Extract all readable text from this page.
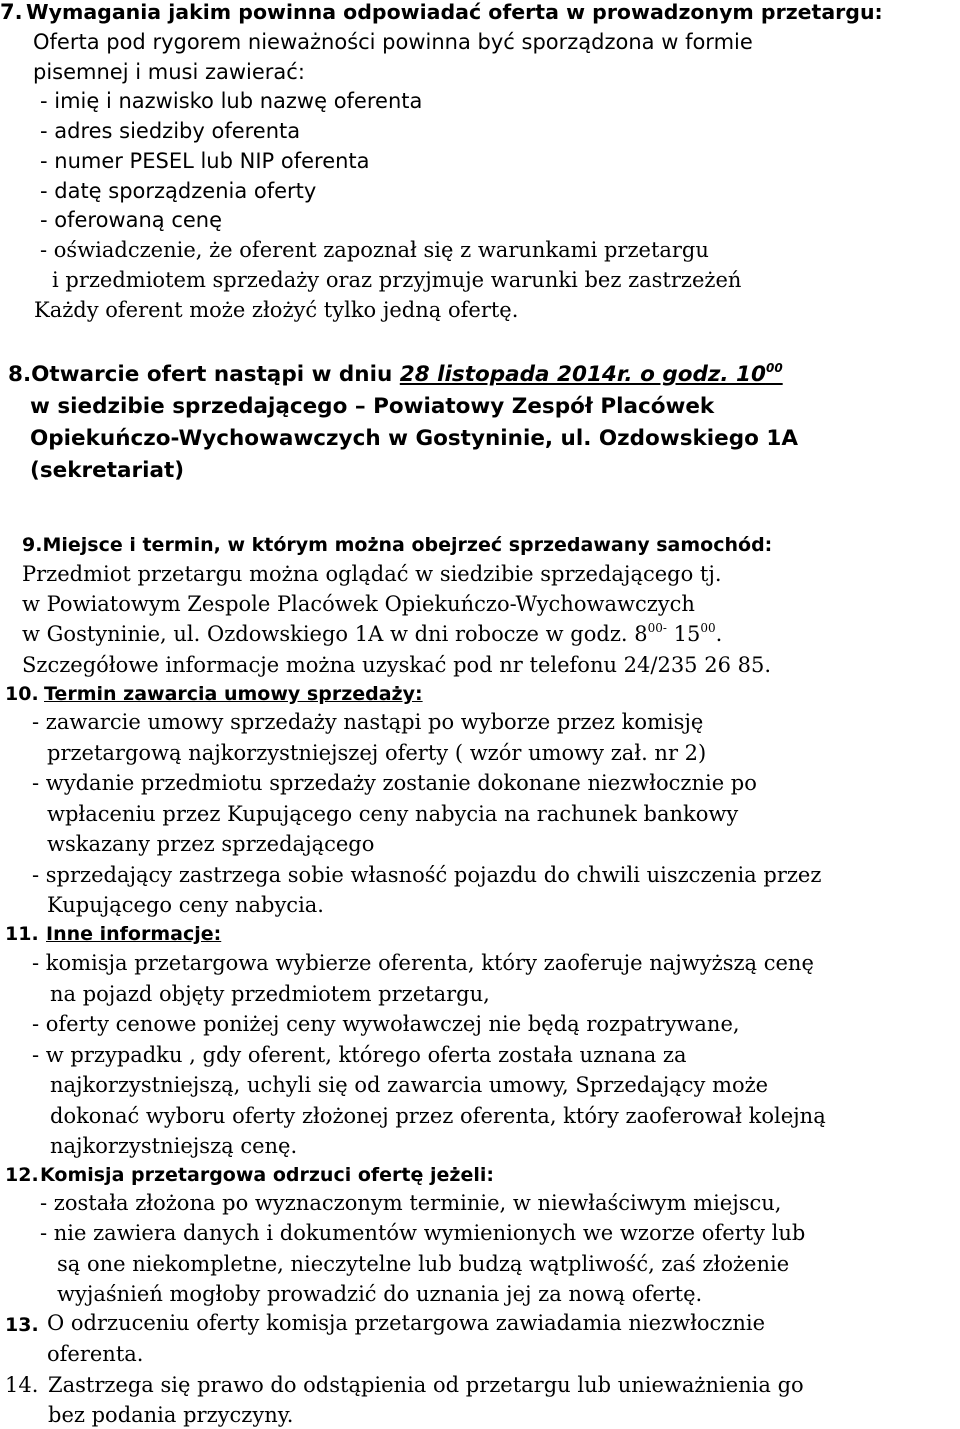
7. Wymagania jakim powinna odpowiadać oferta w prowadzonym przetargu:
Oferta pod rygorem nieważności powinna być sporządzona w formie
pisemnej i musi zawierać:
- imię i nazwisko lub nazwę oferenta
- adres siedziby oferenta
- numer PESEL lub NIP oferenta
- datę sporządzenia oferty
- oferowaną cenę
- oświadczenie, że oferent zapoznał się z warunkami przetargu
i przedmiotem sprzedaży oraz przyjmuje warunki bez zastrzeżeń
Każdy oferent może złożyć tylko jedną ofertę.
8.Otwarcie ofert nastąpi w dniu 28 listopada 2014r. o godz. $10^{00}$
w siedzibie sprzedającego – Powiatowy Zespół Placówek
Opiekuńczo-Wychowawczych w Gostyninie, ul. Ozdowskiego 1A
(sekretariat)
9.Miejsce i termin, w którym można obejrzeć sprzedawany samochód:
Przedmiot przetargu można oglądać w siedzibie sprzedającego tj.
w Powiatowym Zespole Placówek Opiekuńczo-Wychowawczych
w Gostyninie, ul. Ozdowskiego 1A w dni robocze w godz. $8^{00-}$ $15^{00}$.
Szczegółowe informacje można uzyskać pod nr telefonu 24/235 26 85.
10. Termin zawarcia umowy sprzedaży:
- zawarcie umowy sprzedaży nastąpi po wyborze przez komisję
przetargową najkorzystniejszej oferty ( wzór umowy zał. nr 2)
- wydanie przedmiotu sprzedaży zostanie dokonane niezwłocznie po
wpłaceniu przez Kupującego ceny nabycia na rachunek bankowy
wskazany przez sprzedającego
- sprzedający zastrzega sobie własność pojazdu do chwili uiszczenia przez
Kupującego ceny nabycia.
11. Inne informacje:
- komisja przetargowa wybierze oferenta, który zaoferuje najwyższą cenę
na pojazd objęty przedmiotem przetargu,
- oferty cenowe poniżej ceny wywoławczej nie będą rozpatrywane,
- w przypadku , gdy oferent, którego oferta została uznana za
najkorzystniejszą, uchyli się od zawarcia umowy, Sprzedający może
dokonać wyboru oferty złożonej przez oferenta, który zaoferował kolejną
najkorzystniejszą cenę.
12. Komisja przetargowa odrzuci ofertę jeżeli:
- została złożona po wyznaczonym terminie, w niewłaściwym miejscu,
- nie zawiera danych i dokumentów wymienionych we wzorze oferty lub
są one niekompletne, nieczytelne lub budzą wątpliwość, zaś złożenie
wyjaśnień mogłoby prowadzić do uznania jej za nową ofertę.
13. O odrzuceniu oferty komisja przetargowa zawiadamia niezwłocznie
oferenta.
14. Zastrzega się prawo do odstąpienia od przetargu lub unieważnienia go
bez podania przyczyny.
